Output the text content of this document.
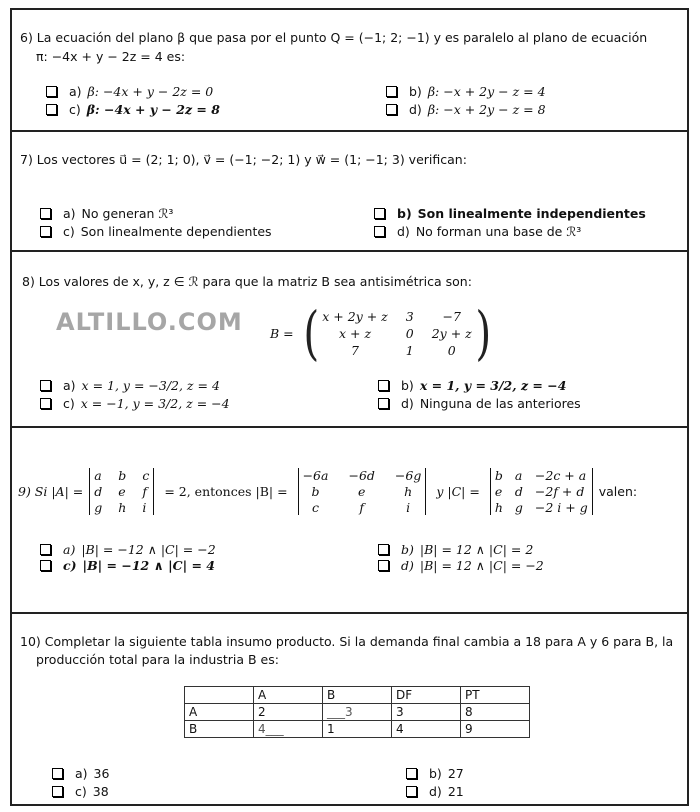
6) La ecuación del plano β que pasa por el punto Q = (−1; 2; −1) y es paralelo al plano de ecuación
π: −4x + y − 2z = 4 es:
a) β: −4x + y − 2z = 0	b) β: −x + 2y − z = 4
c) β: −4x + y − 2z = 8	d) β: −x + 2y − z = 8
7) Los vectores u⃗ = (2; 1; 0), v⃗ = (−1; −2; 1) y w⃗ = (1; −1; 3) verifican:
a) No generan ℛ³	b) Son linealmente independientes
c) Son linealmente dependientes	d) No forman una base de ℛ³
8) Los valores de x, y, z ∈ ℛ para que la matriz B sea antisimétrica son:
ALTILLO.COM B = ( x + 2y + z 3	−7
x + z	0 2y + z
7	1	0 )
a) x = 1, y = −3/2, z = 4	b) x = 1, y = 3/2, z = −4
c) x = −1, y = 3/2, z = −4	d) Ninguna de las anteriores
9) Si |A| =
a b c
d e f
g h i
= 2, entonces |B| =
−6a −6d −6g
b	e	h
c	f	i
y |C| =
b a −2c + a
e d −2f + d
h g −2 i + g
valen:
a) |B| = −12 ∧ |C| = −2	b) |B| = 12 ∧ |C| = 2
c) |B| = −12 ∧ |C| = 4	d) |B| = 12 ∧ |C| = −2
10) Completar la siguiente tabla insumo producto. Si la demanda final cambia a 18 para A y 6 para B, la
producción total para la industria B es:
	A	B	DF	PT
A	2	___3	3	8
B	4___	1	4	9
a) 36	b) 27
c) 38	d) 21
